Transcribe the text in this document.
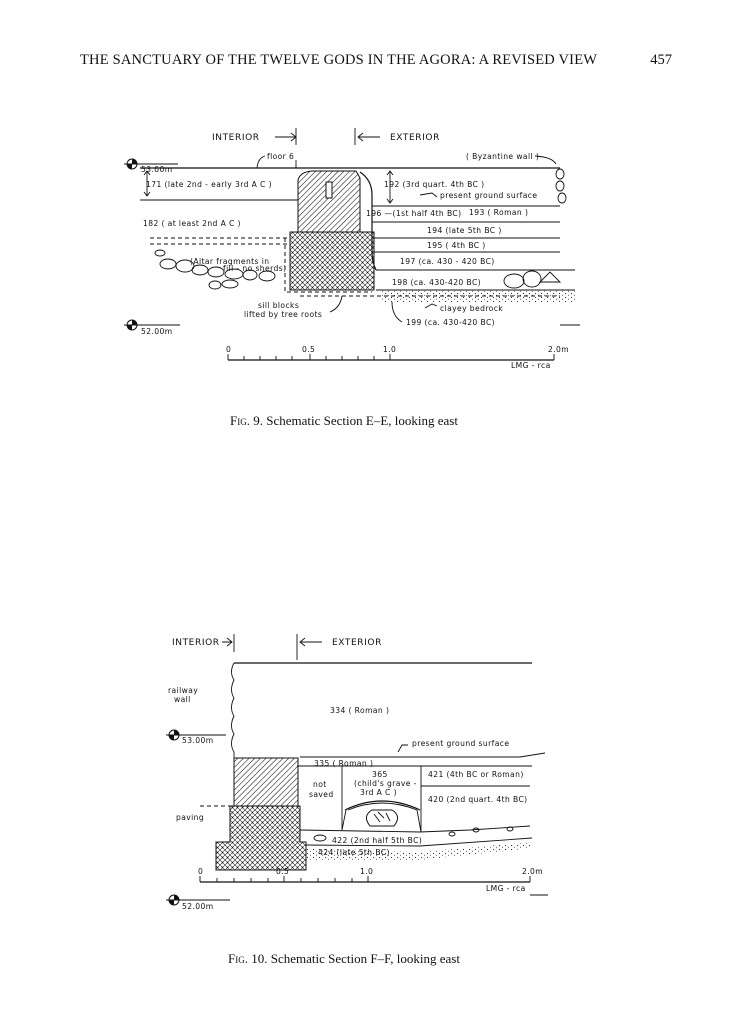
THE SANCTUARY OF THE TWELVE GODS IN THE AGORA: A REVISED VIEW	457
INTERIOR	EXTERIOR
floor 6	( Byzantine wall )
53.00m
171 (late 2nd - early 3rd A C )
182 ( at least 2nd A C )
192 (3rd quart. 4th BC )
present ground surface
196 —(1st half 4th BC) 193 ( Roman )
194 (late 5th BC )
195 ( 4th BC )
197 (ca. 430 - 420 BC)
198 (ca. 430-420 BC)
(Altar fragments in
fill - no sherds)
sill blocks
lifted by tree roots
clayey bedrock
199 (ca. 430-420 BC)
52.00m
0	0.5	1.0	2.0m
LMG - rca
INTERIOR	EXTERIOR
railway
wall
334 ( Roman )
53.00m	present ground surface
335 ( Roman )
paving
not
saved
365
(child's grave -
3rd A C )
421 (4th BC or Roman)
420 (2nd quart. 4th BC)
422 (2nd half 5th BC)
424 (late 5th BC)
0	0.5	1.0	2.0m
LMG - rca
52.00m
Fig. 9. Schematic Section E–E, looking east
Fig. 10. Schematic Section F–F, looking east
